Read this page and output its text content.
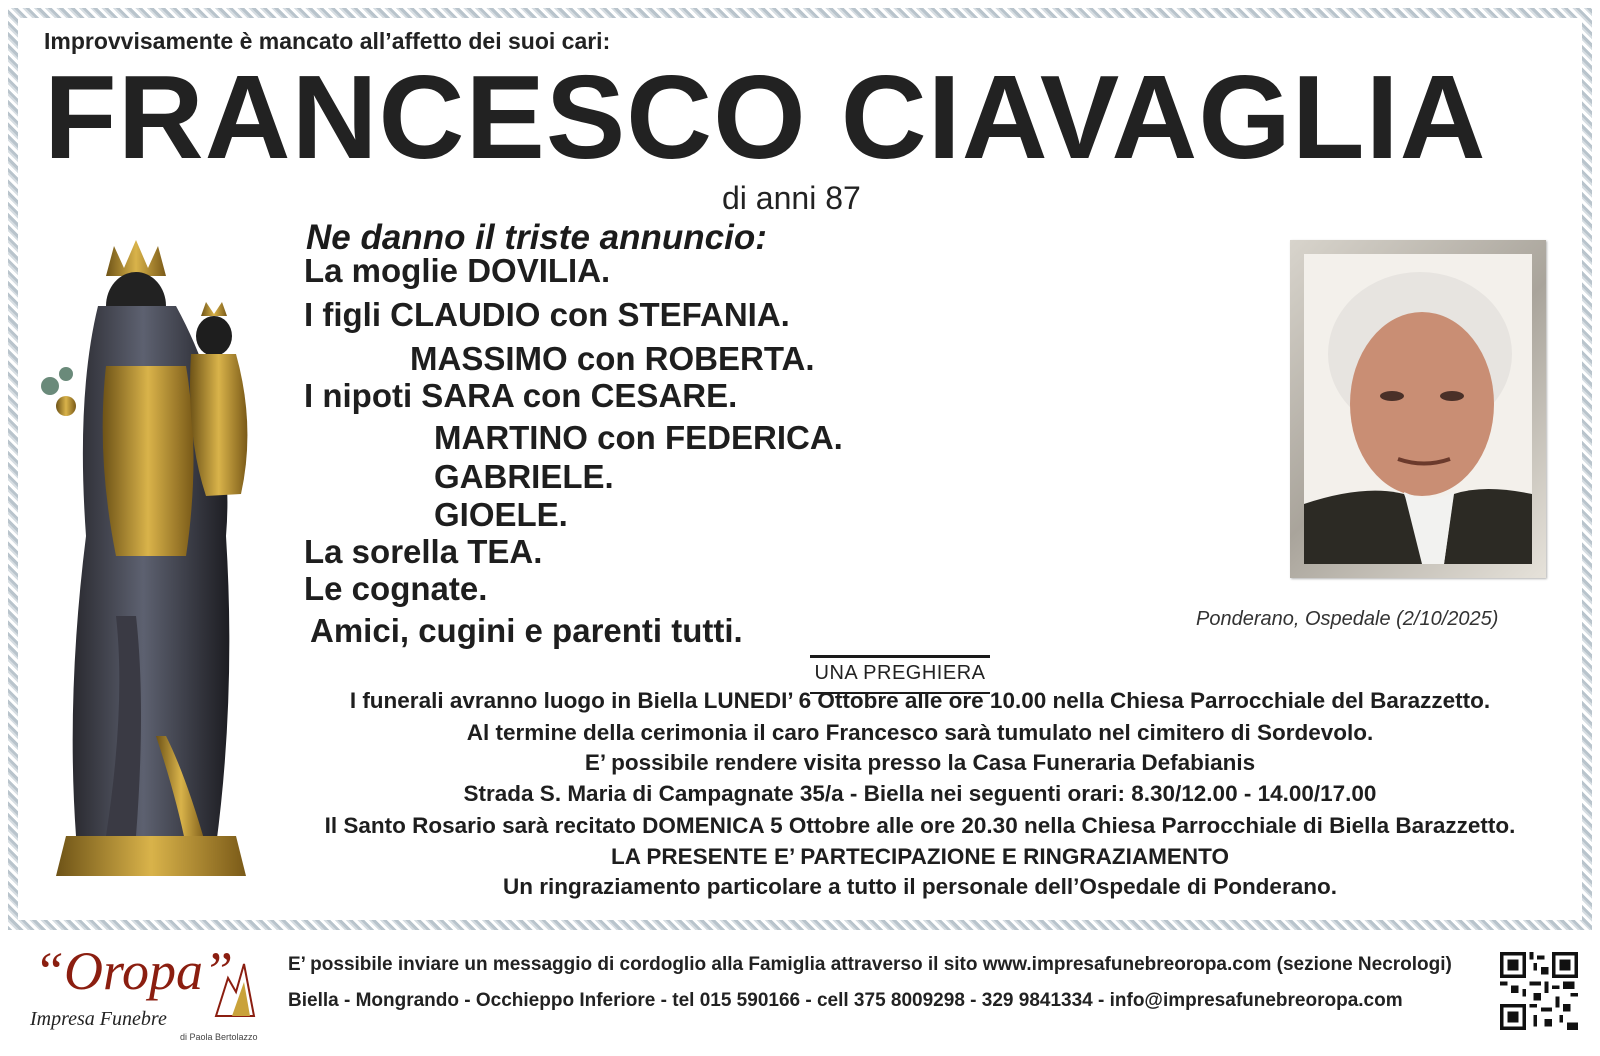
Improvvisamente è mancato all’affetto dei suoi cari:
FRANCESCO CIAVAGLIA
di anni 87
Ne danno il triste annuncio:
La moglie DOVILIA.
I figli CLAUDIO con STEFANIA.
MASSIMO con ROBERTA.
I nipoti SARA con CESARE.
MARTINO con FEDERICA.
GABRIELE.
GIOELE.
La sorella TEA.
Le cognate.
Amici, cugini e parenti tutti.	Ponderano, Ospedale (2/10/2025)
UNA PREGHIERA
I funerali avranno luogo in Biella LUNEDI’ 6 Ottobre alle ore 10.00 nella Chiesa Parrocchiale del Barazzetto.
Al termine della cerimonia il caro Francesco sarà tumulato nel cimitero di Sordevolo.
E’ possibile rendere visita presso la Casa Funeraria Defabianis
Strada S. Maria di Campagnate 35/a - Biella nei seguenti orari: 8.30/12.00 - 14.00/17.00
Il Santo Rosario sarà recitato DOMENICA 5 Ottobre alle ore 20.30 nella Chiesa Parrocchiale di Biella Barazzetto.
LA PRESENTE E’ PARTECIPAZIONE E RINGRAZIAMENTO
Un ringraziamento particolare a tutto il personale dell’Ospedale di Ponderano.
“Oropa”
Impresa Funebre
di Paola Bertolazzo
E’ possibile inviare un messaggio di cordoglio alla Famiglia attraverso il sito www.impresafunebreoropa.com (sezione Necrologi)
Biella - Mongrando - Occhieppo Inferiore - tel 015 590166 - cell 375 8009298 - 329 9841334 - info@impresafunebreoropa.com
